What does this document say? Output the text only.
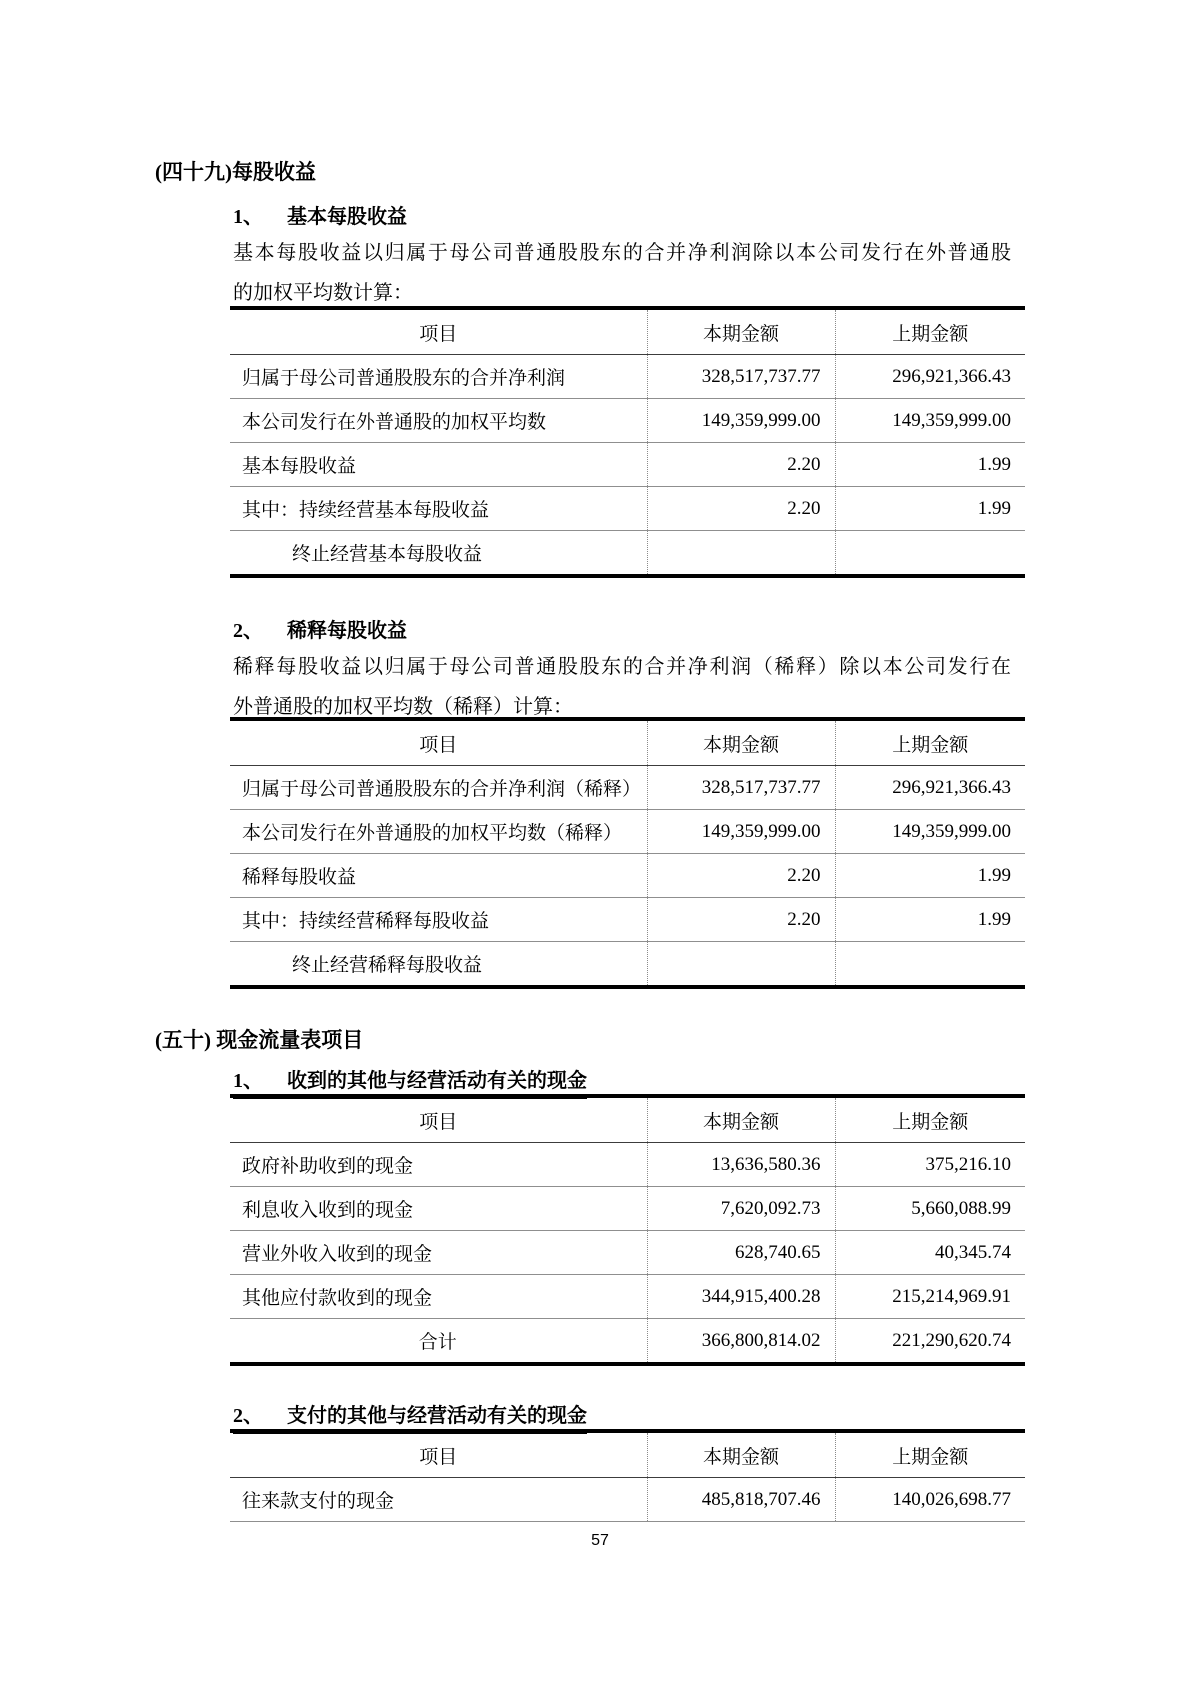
(四十九)每股收益
1、 基本每股收益
基本每股收益以归属于母公司普通股股东的合并净利润除以本公司发行在外普通股
的加权平均数计算：
项目	本期金额	上期金额
归属于母公司普通股股东的合并净利润	328,517,737.77	296,921,366.43
本公司发行在外普通股的加权平均数	149,359,999.00	149,359,999.00
基本每股收益	2.20	1.99
其中：持续经营基本每股收益	2.20	1.99
终止经营基本每股收益		
2、 稀释每股收益
稀释每股收益以归属于母公司普通股股东的合并净利润（稀释）除以本公司发行在
外普通股的加权平均数（稀释）计算：
项目	本期金额	上期金额
归属于母公司普通股股东的合并净利润（稀释）	328,517,737.77	296,921,366.43
本公司发行在外普通股的加权平均数（稀释）	149,359,999.00	149,359,999.00
稀释每股收益	2.20	1.99
其中：持续经营稀释每股收益	2.20	1.99
终止经营稀释每股收益		
(五十) 现金流量表项目
1、 收到的其他与经营活动有关的现金
项目	本期金额	上期金额
政府补助收到的现金	13,636,580.36	375,216.10
利息收入收到的现金	7,620,092.73	5,660,088.99
营业外收入收到的现金	628,740.65	40,345.74
其他应付款收到的现金	344,915,400.28	215,214,969.91
合计	366,800,814.02	221,290,620.74
2、 支付的其他与经营活动有关的现金
项目	本期金额	上期金额
往来款支付的现金	485,818,707.46	140,026,698.77
57
